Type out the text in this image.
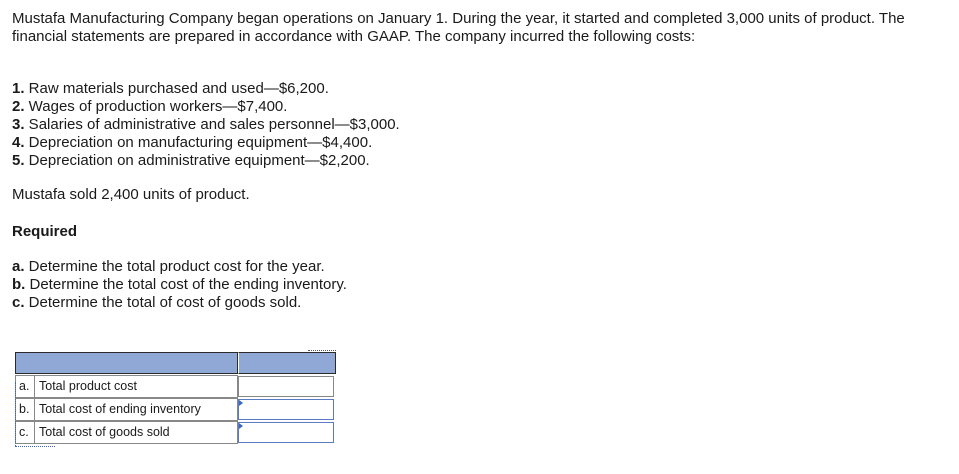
Mustafa Manufacturing Company began operations on January 1. During the year, it started and completed 3,000 units of product. The financial statements are prepared in accordance with GAAP. The company incurred the following costs:
1. Raw materials purchased and used—$6,200.
2. Wages of production workers—$7,400.
3. Salaries of administrative and sales personnel—$3,000.
4. Depreciation on manufacturing equipment—$4,400.
5. Depreciation on administrative equipment—$2,200.
Mustafa sold 2,400 units of product.
Required
a. Determine the total product cost for the year.
b. Determine the total cost of the ending inventory.
c. Determine the total of cost of goods sold.
a. Total product cost
b. Total cost of ending inventory
c. Total cost of goods sold
